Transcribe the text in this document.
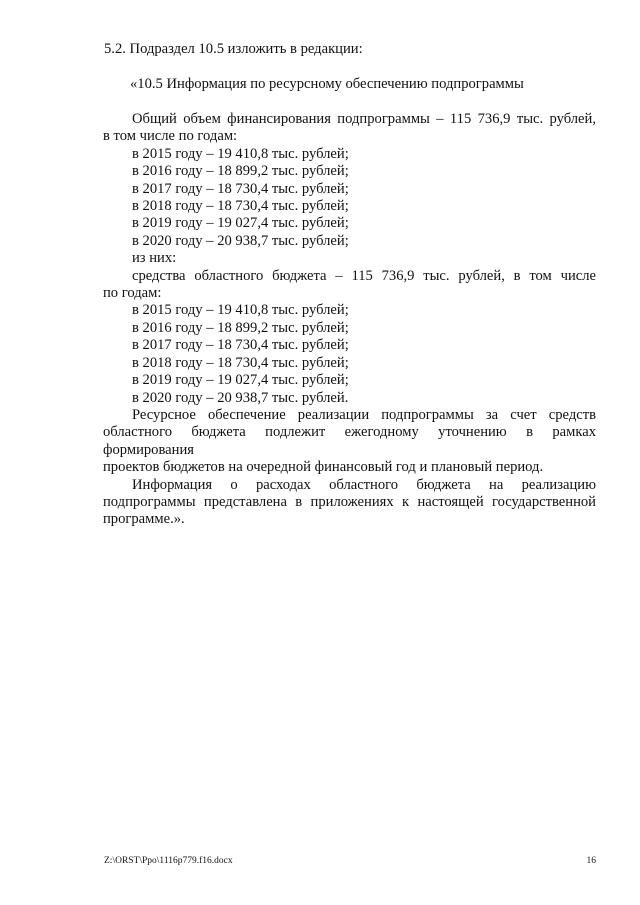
5.2. Подраздел 10.5 изложить в редакции:
«10.5 Информация по ресурсному обеспечению подпрограммы

Общий объем финансирования подпрограммы – 115 736,9 тыс. рублей,

в том числе по годам:

в 2015 году – 19 410,8 тыс. рублей;

в 2016 году – 18 899,2 тыс. рублей;

в 2017 году – 18 730,4 тыс. рублей;

в 2018 году – 18 730,4 тыс. рублей;

в 2019 году – 19 027,4 тыс. рублей;

в 2020 году – 20 938,7 тыс. рублей;

из них:

средства областного бюджета – 115 736,9 тыс. рублей, в том числе

по годам:

в 2015 году – 19 410,8 тыс. рублей;

в 2016 году – 18 899,2 тыс. рублей;

в 2017 году – 18 730,4 тыс. рублей;

в 2018 году – 18 730,4 тыс. рублей;

в 2019 году – 19 027,4 тыс. рублей;

в 2020 году – 20 938,7 тыс. рублей.

Ресурсное обеспечение реализации подпрограммы за счет средств

областного бюджета подлежит ежегодному уточнению в рамках формирования

проектов бюджетов на очередной финансовый год и плановый период.

Информация о расходах областного бюджета на реализацию

подпрограммы представлена в приложениях к настоящей государственной

программе.».

Z:\ORST\Ppo\1116p779.f16.docx	16
